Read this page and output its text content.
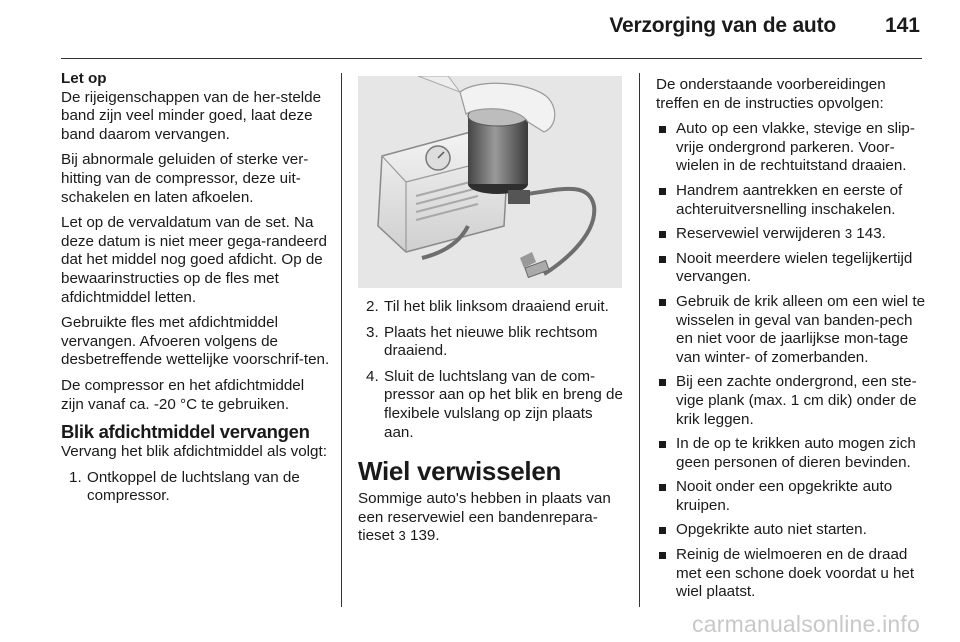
Verzorging van de auto 141
Let op

De rijeigenschappen van de her-stelde band zijn veel minder goed, laat deze band daarom vervangen.

Bij abnormale geluiden of sterke ver-hitting van de compressor, deze uit-schakelen en laten afkoelen.

Let op de vervaldatum van de set. Na deze datum is niet meer gega-randeerd dat het middel nog goed afdicht. Op de bewaarinstructies op de fles met afdichtmiddel letten.

Gebruikte fles met afdichtmiddel vervangen. Afvoeren volgens de desbetreffende wettelijke voorschrif-ten.

De compressor en het afdichtmiddel zijn vanaf ca. -20 °C te gebruiken.

Blik afdichtmiddel vervangen

Vervang het blik afdichtmiddel als volgt:

1. Ontkoppel de luchtslang van de compressor.
2. Til het blik linksom draaiend eruit.
3. Plaats het nieuwe blik rechtsom draaiend.
4. Sluit de luchtslang van de com-pressor aan op het blik en breng de flexibele vulslang op zijn plaats aan.
Wiel verwisselen

Sommige auto's hebben in plaats van een reservewiel een bandenrepara-tieset 3 139.

De onderstaande voorbereidingen treffen en de instructies opvolgen:

Auto op een vlakke, stevige en slip-vrije ondergrond parkeren. Voor-wielen in de rechtuitstand draaien.
Handrem aantrekken en eerste of achteruitversnelling inschakelen.
Reservewiel verwijderen 3 143.
Nooit meerdere wielen tegelijkertijd vervangen.
Gebruik de krik alleen om een wiel te wisselen in geval van banden-pech en niet voor de jaarlijkse mon-tage van winter- of zomerbanden.
Bij een zachte ondergrond, een ste-vige plank (max. 1 cm dik) onder de krik leggen.
In de op te krikken auto mogen zich geen personen of dieren bevinden.
Nooit onder een opgekrikte auto kruipen.
Opgekrikte auto niet starten.
Reinig de wielmoeren en de draad met een schone doek voordat u het wiel plaatst.
carmanualsonline.info
